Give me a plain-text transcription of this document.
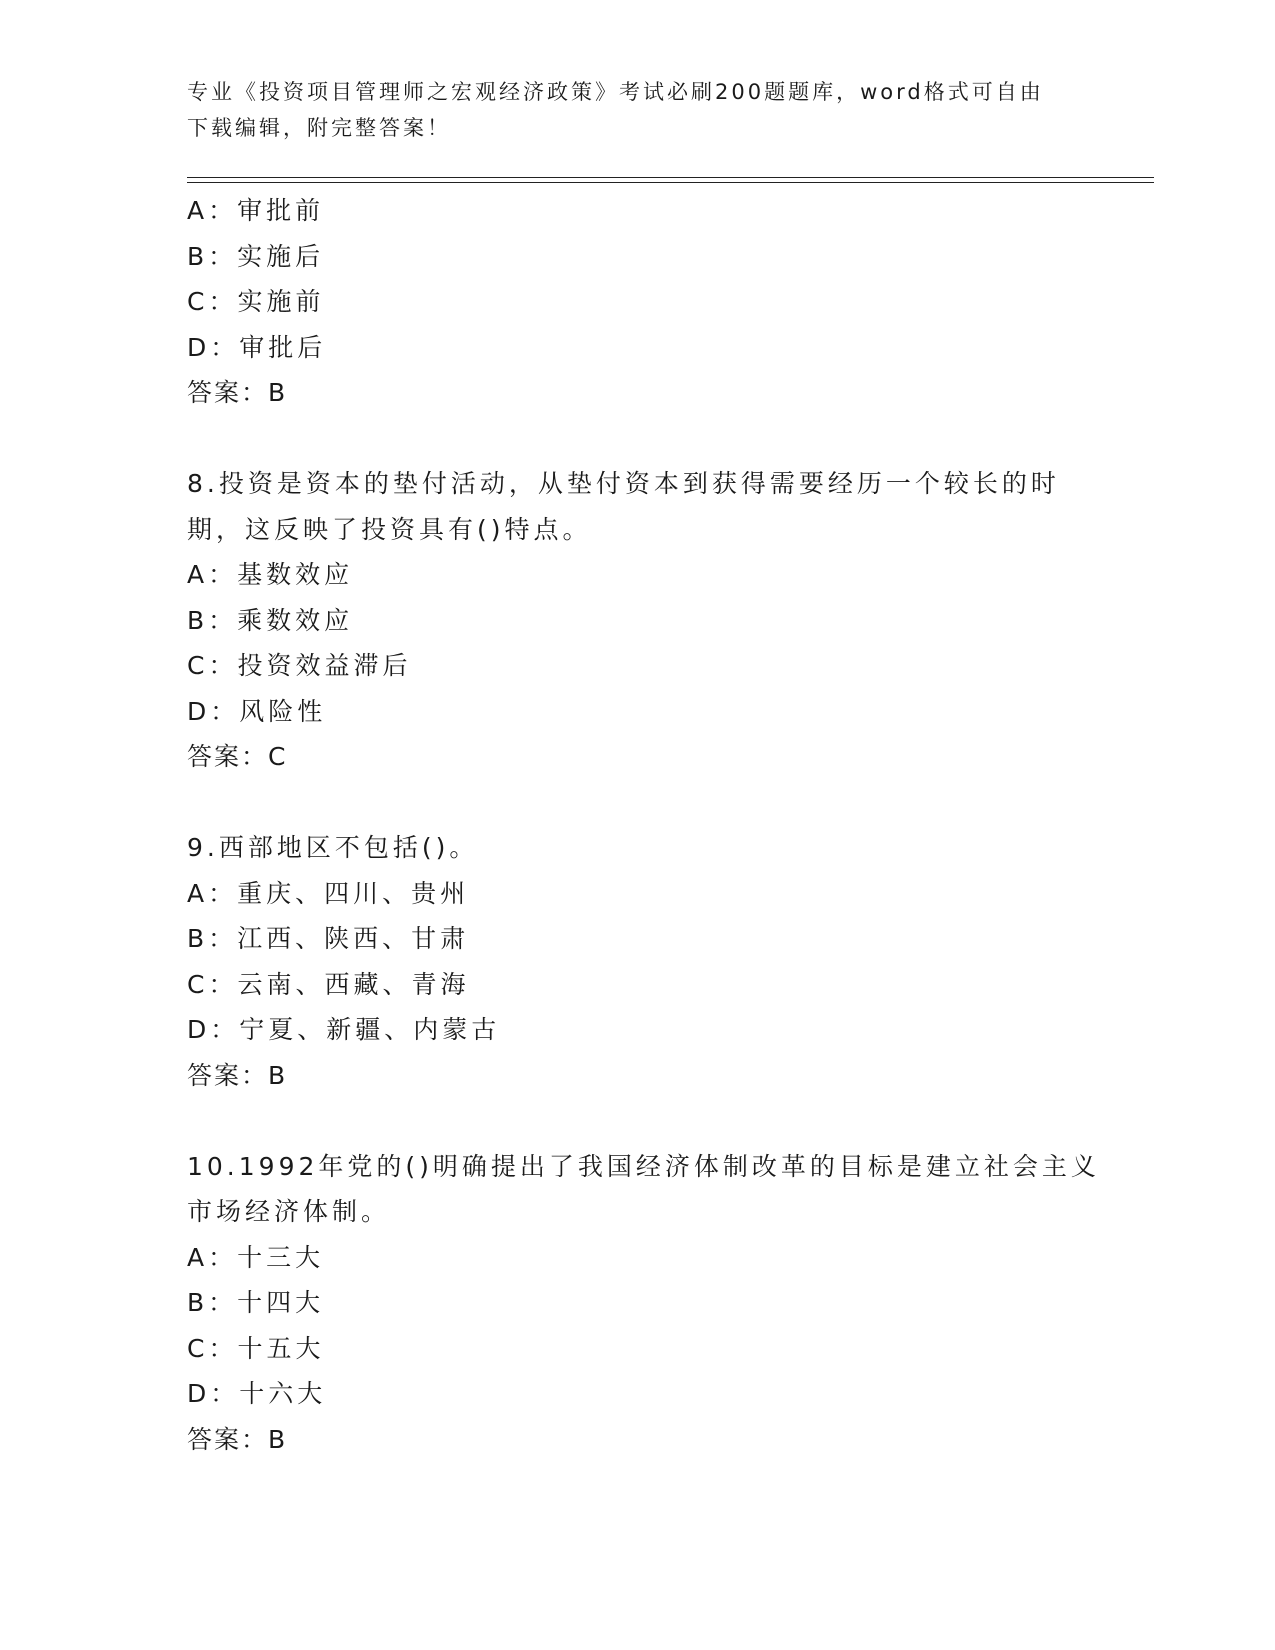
专业《投资项目管理师之宏观经济政策》考试必刷200题题库，word格式可自由
下载编辑，附完整答案！
A：审批前
B：实施后
C：实施前
D：审批后
答案：B
8.投资是资本的垫付活动，从垫付资本到获得需要经历一个较长的时
期，这反映了投资具有()特点。
A：基数效应
B：乘数效应
C：投资效益滞后
D：风险性
答案：C
9.西部地区不包括()。
A：重庆、四川、贵州
B：江西、陕西、甘肃
C：云南、西藏、青海
D：宁夏、新疆、内蒙古
答案：B
10.1992年党的()明确提出了我国经济体制改革的目标是建立社会主义
市场经济体制。
A：十三大
B：十四大
C：十五大
D：十六大
答案：B
